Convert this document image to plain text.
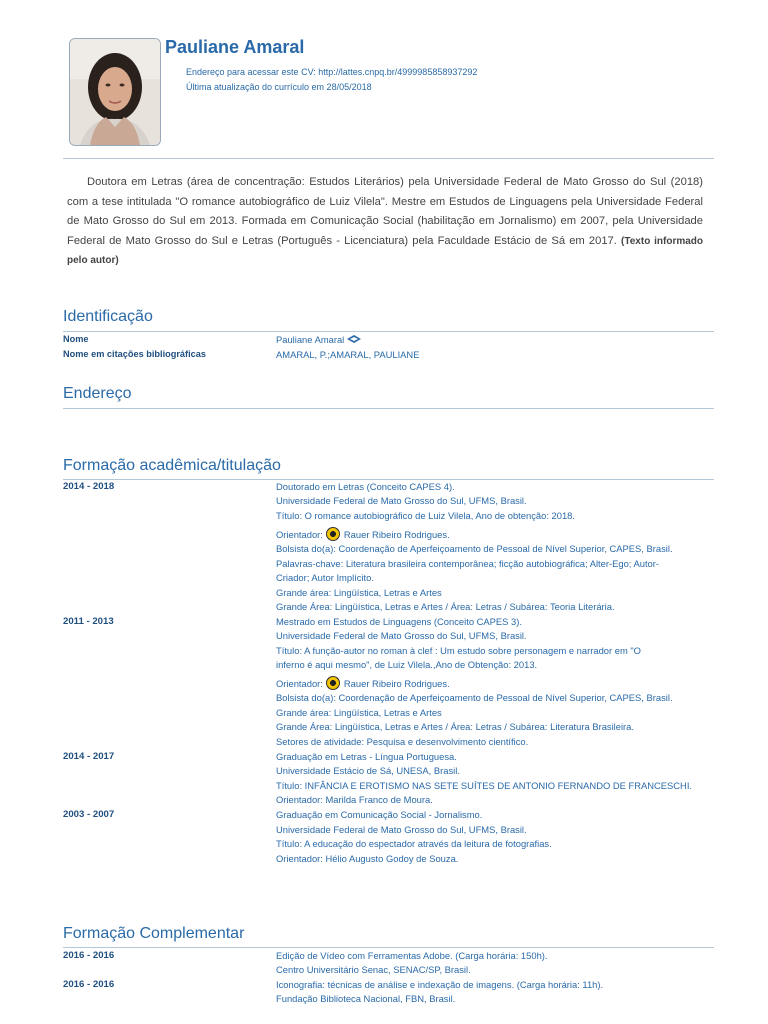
Pauliane Amaral
Endereço para acessar este CV: http://lattes.cnpq.br/4999985858937292
Última atualização do currículo em 28/05/2018
Doutora em Letras (área de concentração: Estudos Literários) pela Universidade Federal de Mato Grosso do Sul (2018) com a tese intitulada "O romance autobiográfico de Luiz Vilela". Mestre em Estudos de Linguagens pela Universidade Federal de Mato Grosso do Sul em 2013. Formada em Comunicação Social (habilitação em Jornalismo) em 2007, pela Universidade Federal de Mato Grosso do Sul e Letras (Português - Licenciatura) pela Faculdade Estácio de Sá em 2017. (Texto informado pelo autor)
Identificação
Nome	Pauliane Amaral
Nome em citações bibliográficas	AMARAL, P.;AMARAL, PAULIANE
Endereço
Formação acadêmica/titulação
2014 - 2018	Doutorado em Letras (Conceito CAPES 4).
Universidade Federal de Mato Grosso do Sul, UFMS, Brasil.
Título: O romance autobiográfico de Luiz Vilela, Ano de obtenção: 2018.
Orientador: Rauer Ribeiro Rodrigues.
Bolsista do(a): Coordenação de Aperfeiçoamento de Pessoal de Nível Superior, CAPES, Brasil.
Palavras-chave: Literatura brasileira contemporânea; ficção autobiográfica; Alter-Ego; Autor-
Criador; Autor Implícito.
Grande área: Lingüística, Letras e Artes
Grande Área: Lingüística, Letras e Artes / Área: Letras / Subárea: Teoria Literária.
2011 - 2013	Mestrado em Estudos de Linguagens (Conceito CAPES 3).
Universidade Federal de Mato Grosso do Sul, UFMS, Brasil.
Título: A função-autor no roman à clef : Um estudo sobre personagem e narrador em "O
inferno é aqui mesmo", de Luiz Vilela.,Ano de Obtenção: 2013.
Orientador: Rauer Ribeiro Rodrigues.
Bolsista do(a): Coordenação de Aperfeiçoamento de Pessoal de Nível Superior, CAPES, Brasil.
Grande área: Lingüística, Letras e Artes
Grande Área: Lingüística, Letras e Artes / Área: Letras / Subárea: Literatura Brasileira.
Setores de atividade: Pesquisa e desenvolvimento científico.
2014 - 2017	Graduação em Letras - Língua Portuguesa.
Universidade Estácio de Sá, UNESA, Brasil.
Título: INFÂNCIA E EROTISMO NAS SETE SUÍTES DE ANTONIO FERNANDO DE FRANCESCHI.
Orientador: Marilda Franco de Moura.
2003 - 2007	Graduação em Comunicação Social - Jornalismo.
Universidade Federal de Mato Grosso do Sul, UFMS, Brasil.
Título: A educação do espectador através da leitura de fotografias.
Orientador: Hélio Augusto Godoy de Souza.
Formação Complementar
2016 - 2016	Edição de Vídeo com Ferramentas Adobe. (Carga horária: 150h).
Centro Universitário Senac, SENAC/SP, Brasil.
2016 - 2016	Iconografia: técnicas de análise e indexação de imagens. (Carga horária: 11h).
Fundação Biblioteca Nacional, FBN, Brasil.
